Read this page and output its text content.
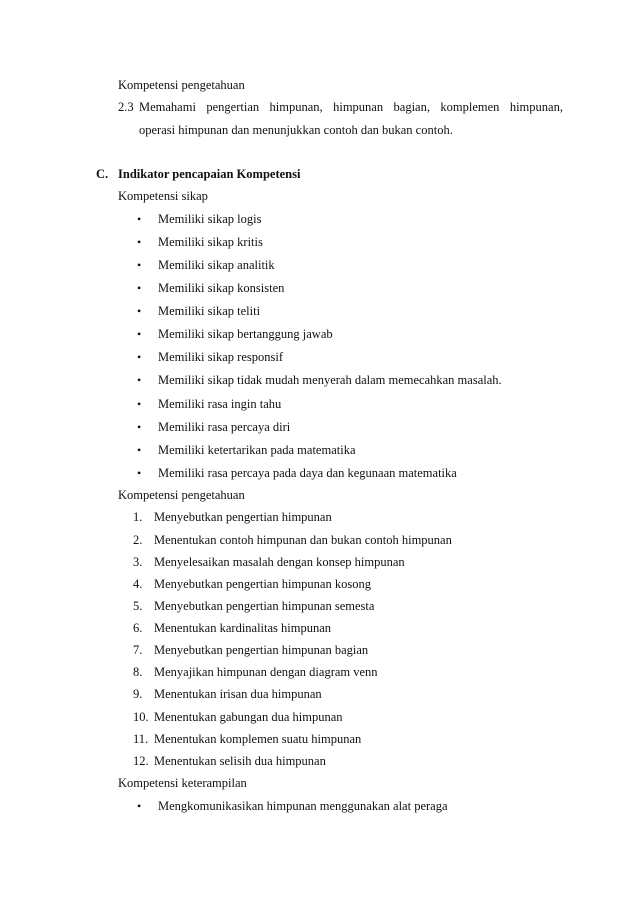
Kompetensi pengetahuan
2.3 Memahami pengertian himpunan, himpunan bagian, komplemen himpunan,
operasi himpunan dan menunjukkan contoh dan bukan contoh.
C. Indikator pencapaian Kompetensi
Kompetensi sikap
• Memiliki sikap logis
• Memiliki sikap kritis
• Memiliki sikap analitik
• Memiliki sikap konsisten
• Memiliki sikap teliti
• Memiliki sikap bertanggung jawab
• Memiliki sikap responsif
• Memiliki sikap tidak mudah menyerah dalam memecahkan masalah.
• Memiliki rasa ingin tahu
• Memiliki rasa percaya diri
• Memiliki ketertarikan pada matematika
• Memiliki rasa percaya pada daya dan kegunaan matematika
Kompetensi pengetahuan
1. Menyebutkan pengertian himpunan
2. Menentukan contoh himpunan dan bukan contoh himpunan
3. Menyelesaikan masalah dengan konsep himpunan
4. Menyebutkan pengertian himpunan kosong
5. Menyebutkan pengertian himpunan semesta
6. Menentukan kardinalitas himpunan
7. Menyebutkan pengertian himpunan bagian
8. Menyajikan himpunan dengan diagram venn
9. Menentukan irisan dua himpunan
10. Menentukan gabungan dua himpunan
11. Menentukan komplemen suatu himpunan
12. Menentukan selisih dua himpunan
Kompetensi keterampilan
• Mengkomunikasikan himpunan menggunakan alat peraga
